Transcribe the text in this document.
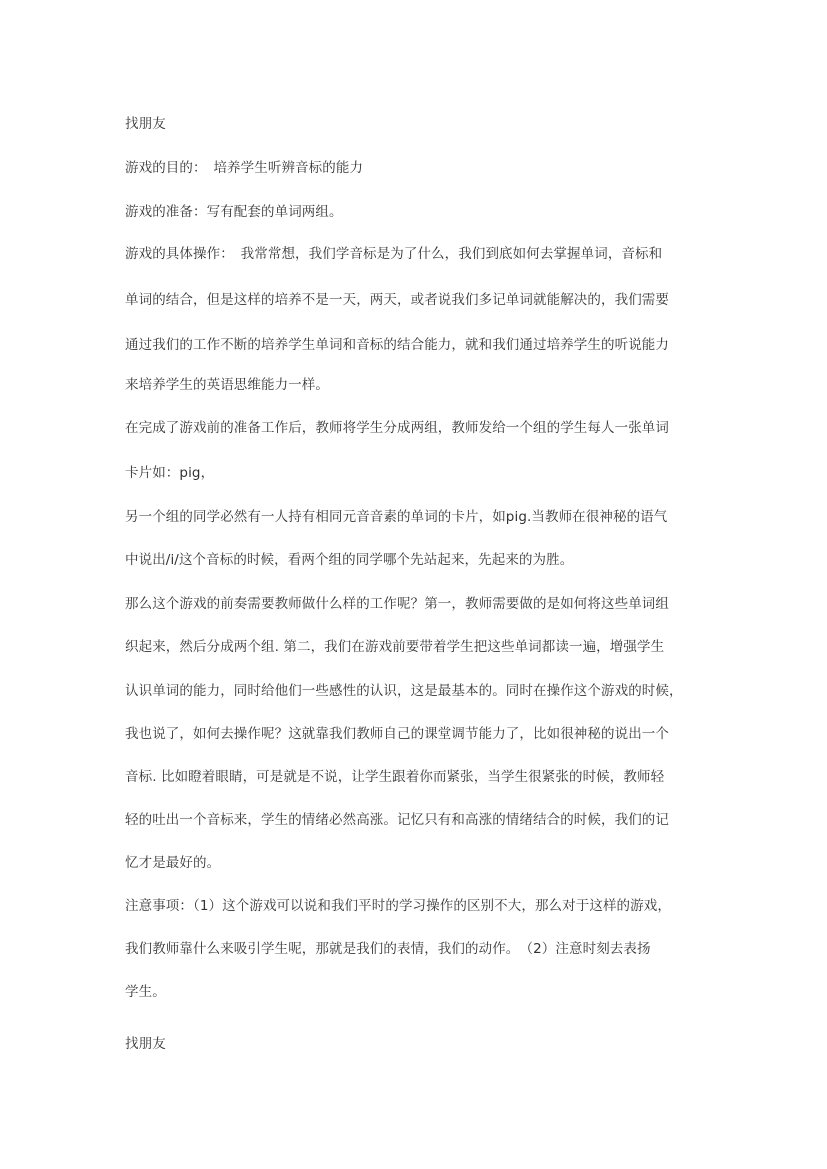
找朋友
游戏的目的：　培养学生听辨音标的能力
游戏的准备：写有配套的单词两组。
游戏的具体操作：　我常常想，我们学音标是为了什么，我们到底如何去掌握单词，音标和
单词的结合，但是这样的培养不是一天，两天，或者说我们多记单词就能解决的，我们需要
通过我们的工作不断的培养学生单词和音标的结合能力，就和我们通过培养学生的听说能力
来培养学生的英语思维能力一样。
在完成了游戏前的准备工作后，教师将学生分成两组，教师发给一个组的学生每人一张单词
卡片如：pig，
另一个组的同学必然有一人持有相同元音音素的单词的卡片，如pig.当教师在很神秘的语气
中说出/i/这个音标的时候，看两个组的同学哪个先站起来，先起来的为胜。
那么这个游戏的前奏需要教师做什么样的工作呢？第一，教师需要做的是如何将这些单词组
织起来，然后分成两个组. 第二，我们在游戏前要带着学生把这些单词都读一遍，增强学生
认识单词的能力，同时给他们一些感性的认识，这是最基本的。同时在操作这个游戏的时候，
我也说了，如何去操作呢？这就靠我们教师自己的课堂调节能力了，比如很神秘的说出一个
音标. 比如瞪着眼睛，可是就是不说，让学生跟着你而紧张，当学生很紧张的时候，教师轻
轻的吐出一个音标来，学生的情绪必然高涨。记忆只有和高涨的情绪结合的时候，我们的记
忆才是最好的。
注意事项：（1）这个游戏可以说和我们平时的学习操作的区别不大，那么对于这样的游戏，
我们教师靠什么来吸引学生呢，那就是我们的表情，我们的动作。　（2）注意时刻去表扬
学生。
找朋友
